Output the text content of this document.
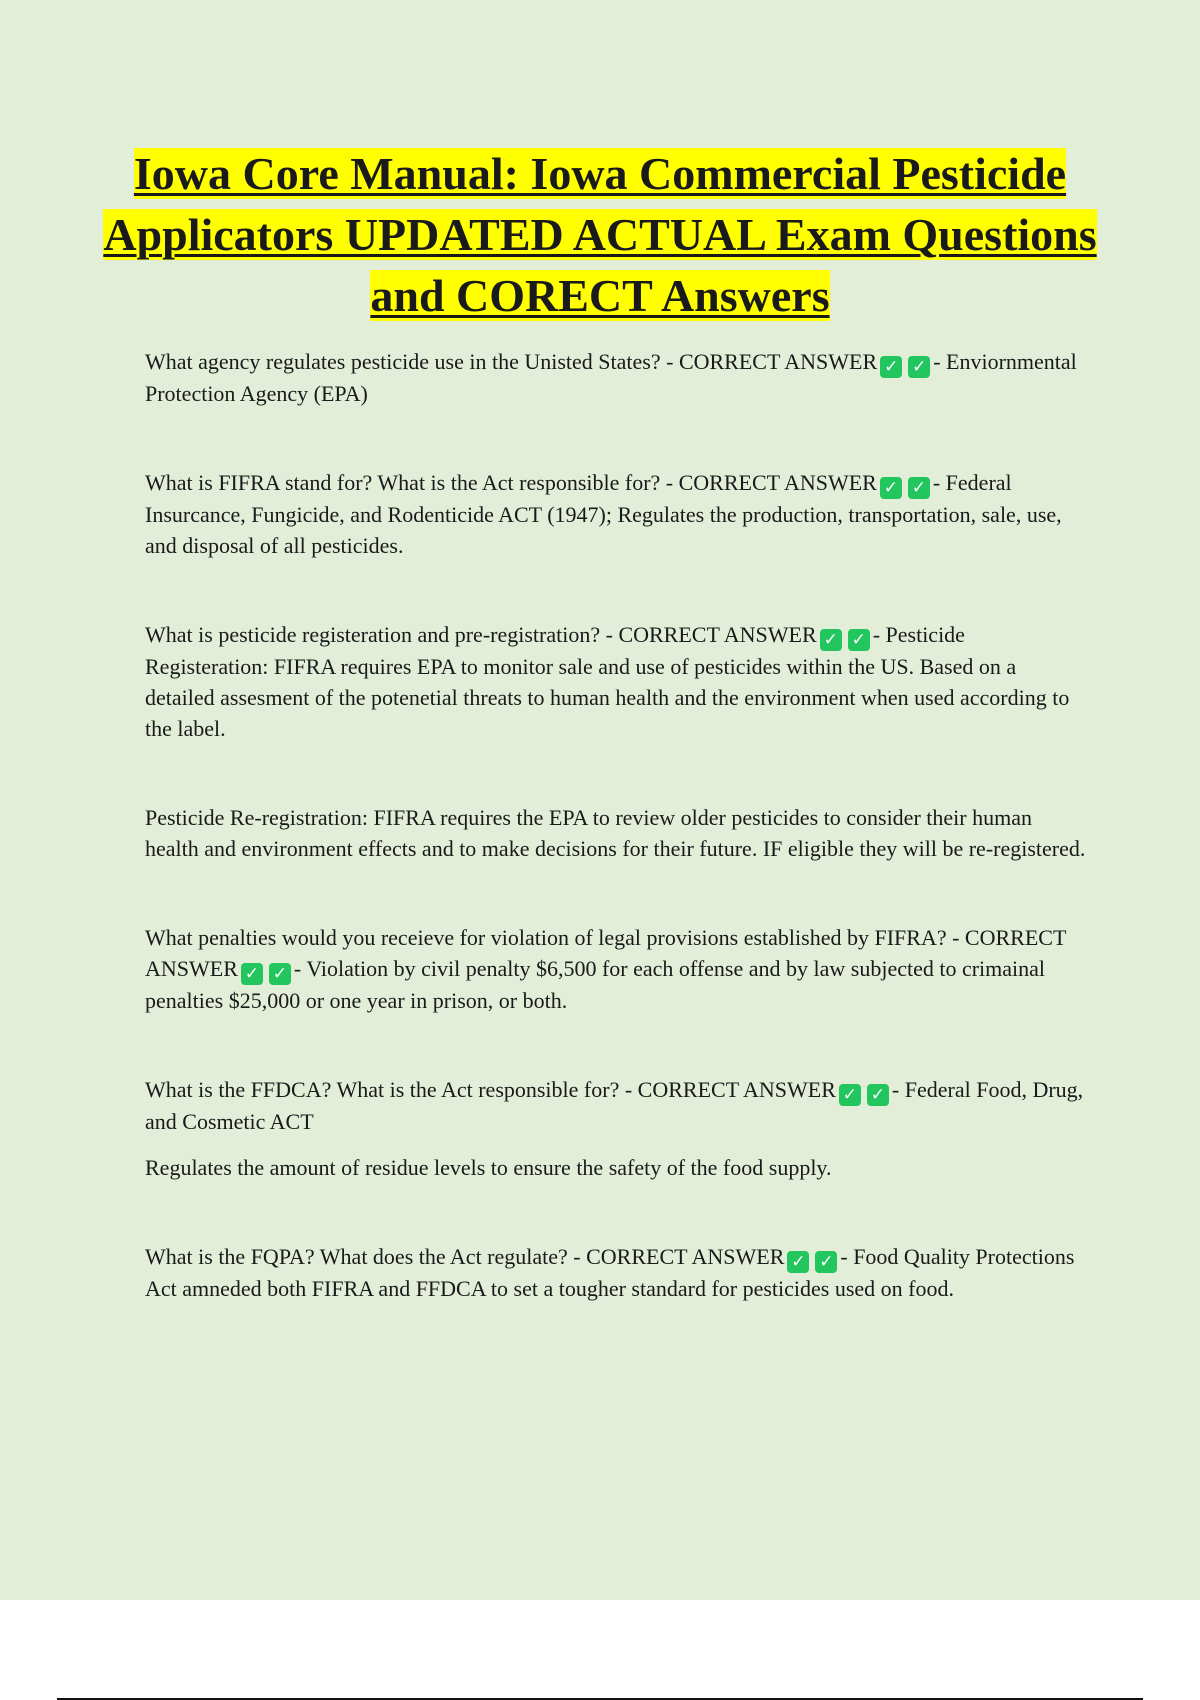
Iowa Core Manual: Iowa Commercial Pesticide Applicators UPDATED ACTUAL Exam Questions and CORECT Answers

What agency regulates pesticide use in the Unisted States? - CORRECT ANSWER ✓ ✓ - Enviornmental Protection Agency (EPA)

What is FIFRA stand for? What is the Act responsible for? - CORRECT ANSWER ✓ ✓ - Federal Insurcance, Fungicide, and Rodenticide ACT (1947); Regulates the production, transportation, sale, use, and disposal of all pesticides.

What is pesticide registeration and pre-registration? - CORRECT ANSWER ✓ ✓ - Pesticide Registeration: FIFRA requires EPA to monitor sale and use of pesticides within the US. Based on a detailed assesment of the potenetial threats to human health and the environment when used according to the label.

Pesticide Re-registration: FIFRA requires the EPA to review older pesticides to consider their human health and environment effects and to make decisions for their future. IF eligible they will be re-registered.

What penalties would you receieve for violation of legal provisions established by FIFRA? - CORRECT ANSWER ✓ ✓ - Violation by civil penalty $6,500 for each offense and by law subjected to crimainal penalties $25,000 or one year in prison, or both.

What is the FFDCA? What is the Act responsible for? - CORRECT ANSWER ✓ ✓ - Federal Food, Drug, and Cosmetic ACT

Regulates the amount of residue levels to ensure the safety of the food supply.

What is the FQPA? What does the Act regulate? - CORRECT ANSWER ✓ ✓ - Food Quality Protections Act amneded both FIFRA and FFDCA to set a tougher standard for pesticides used on food.
